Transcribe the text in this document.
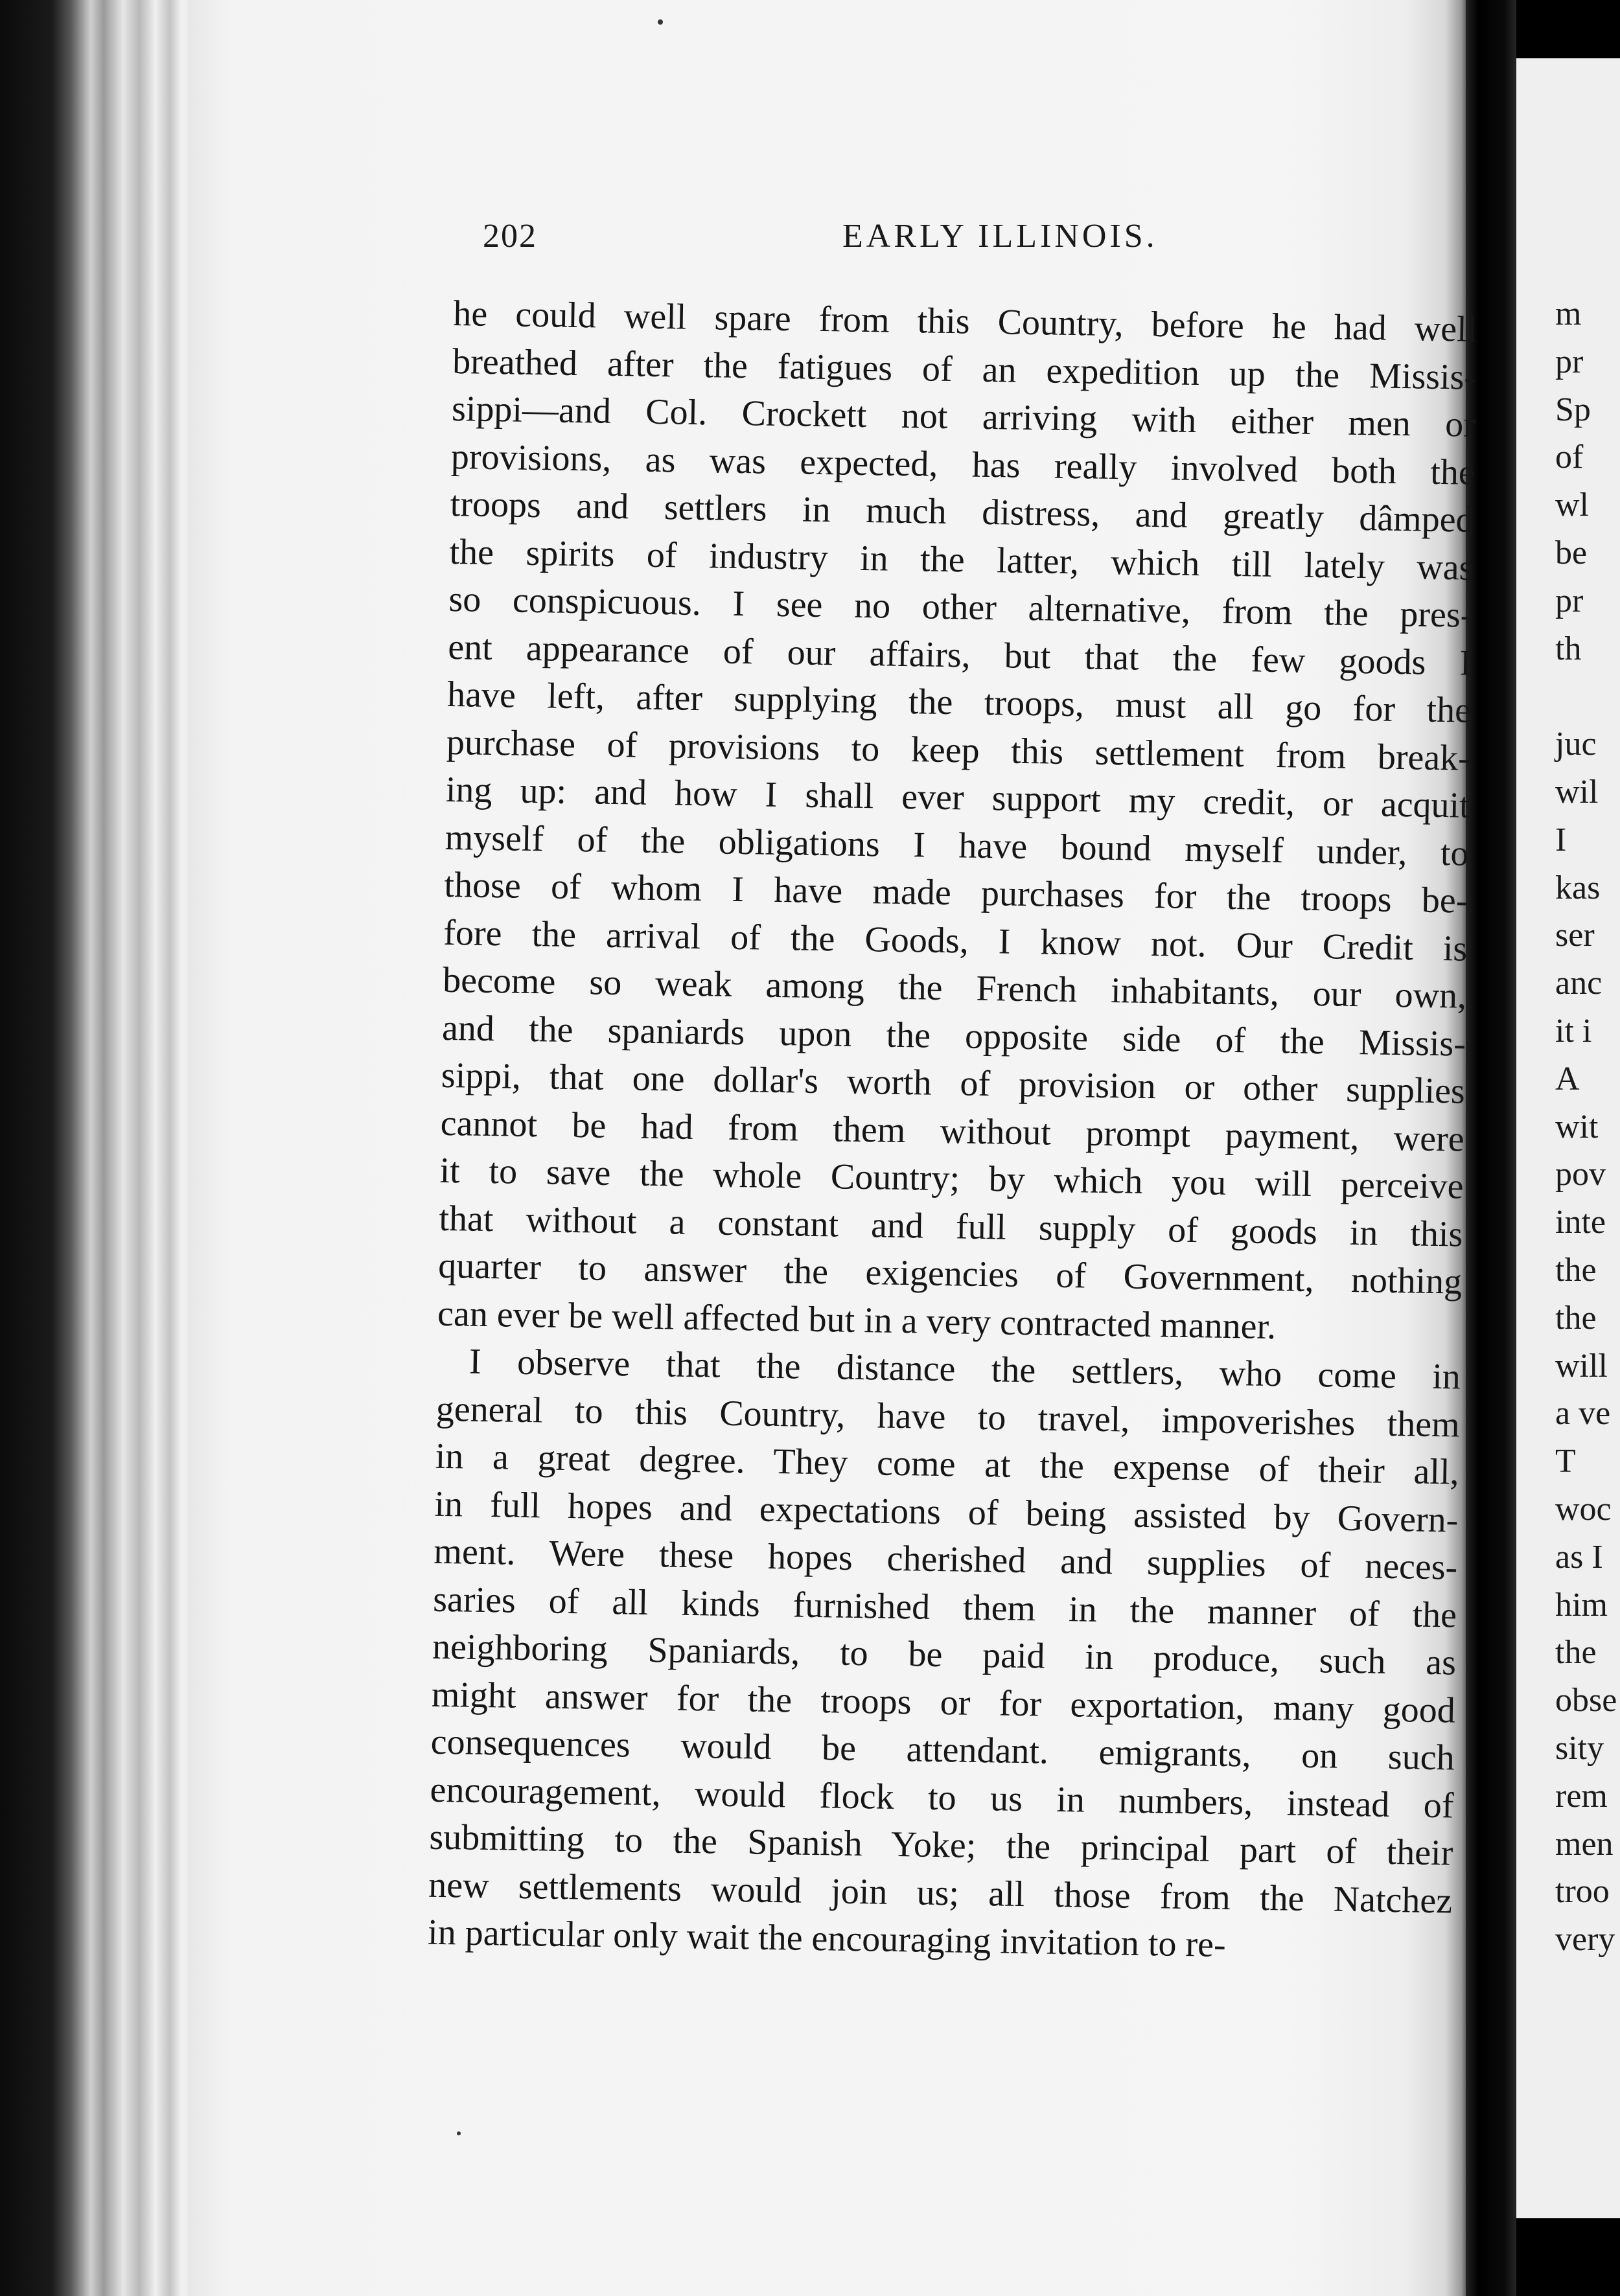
202	EARLY ILLINOIS.
he could well spare from this Country, before he had well
breathed after the fatigues of an expedition up the Missis-
sippi—and Col. Crockett not arriving with either men or
provisions, as was expected, has really involved both the
troops and settlers in much distress, and greatly dâmped
the spirits of industry in the latter, which till lately was
so conspicuous. I see no other alternative, from the pres-
ent appearance of our affairs, but that the few goods I
have left, after supplying the troops, must all go for the
purchase of provisions to keep this settlement from break-
ing up: and how I shall ever support my credit, or acquit
myself of the obligations I have bound myself under, to
those of whom I have made purchases for the troops be-
fore the arrival of the Goods, I know not. Our Credit is
become so weak among the French inhabitants, our own,
and the spaniards upon the opposite side of the Missis-
sippi, that one dollar's worth of provision or other supplies
cannot be had from them without prompt payment, were
it to save the whole Country; by which you will perceive
that without a constant and full supply of goods in this
quarter to answer the exigencies of Government, nothing
can ever be well affected but in a very contracted manner.
I observe that the distance the settlers, who come in
general to this Country, have to travel, impoverishes them
in a great degree. They come at the expense of their all,
in full hopes and expectations of being assisted by Govern-
ment. Were these hopes cherished and supplies of neces-
saries of all kinds furnished them in the manner of the
neighboring Spaniards, to be paid in produce, such as
might answer for the troops or for exportation, many good
consequences would be attendant. emigrants, on such
encouragement, would flock to us in numbers, instead of
submitting to the Spanish Yoke; the principal part of their
new settlements would join us; all those from the Natchez
in particular only wait the encouraging invitation to re-
m
pr
Sp
of
wl
be
pr
th
juc
wil
I
kas
ser
anc
it i
A
wit
pov
inte
the
the
will
a ve
T
woc
as I
him
the
obse
sity
rem
men
troo
very
